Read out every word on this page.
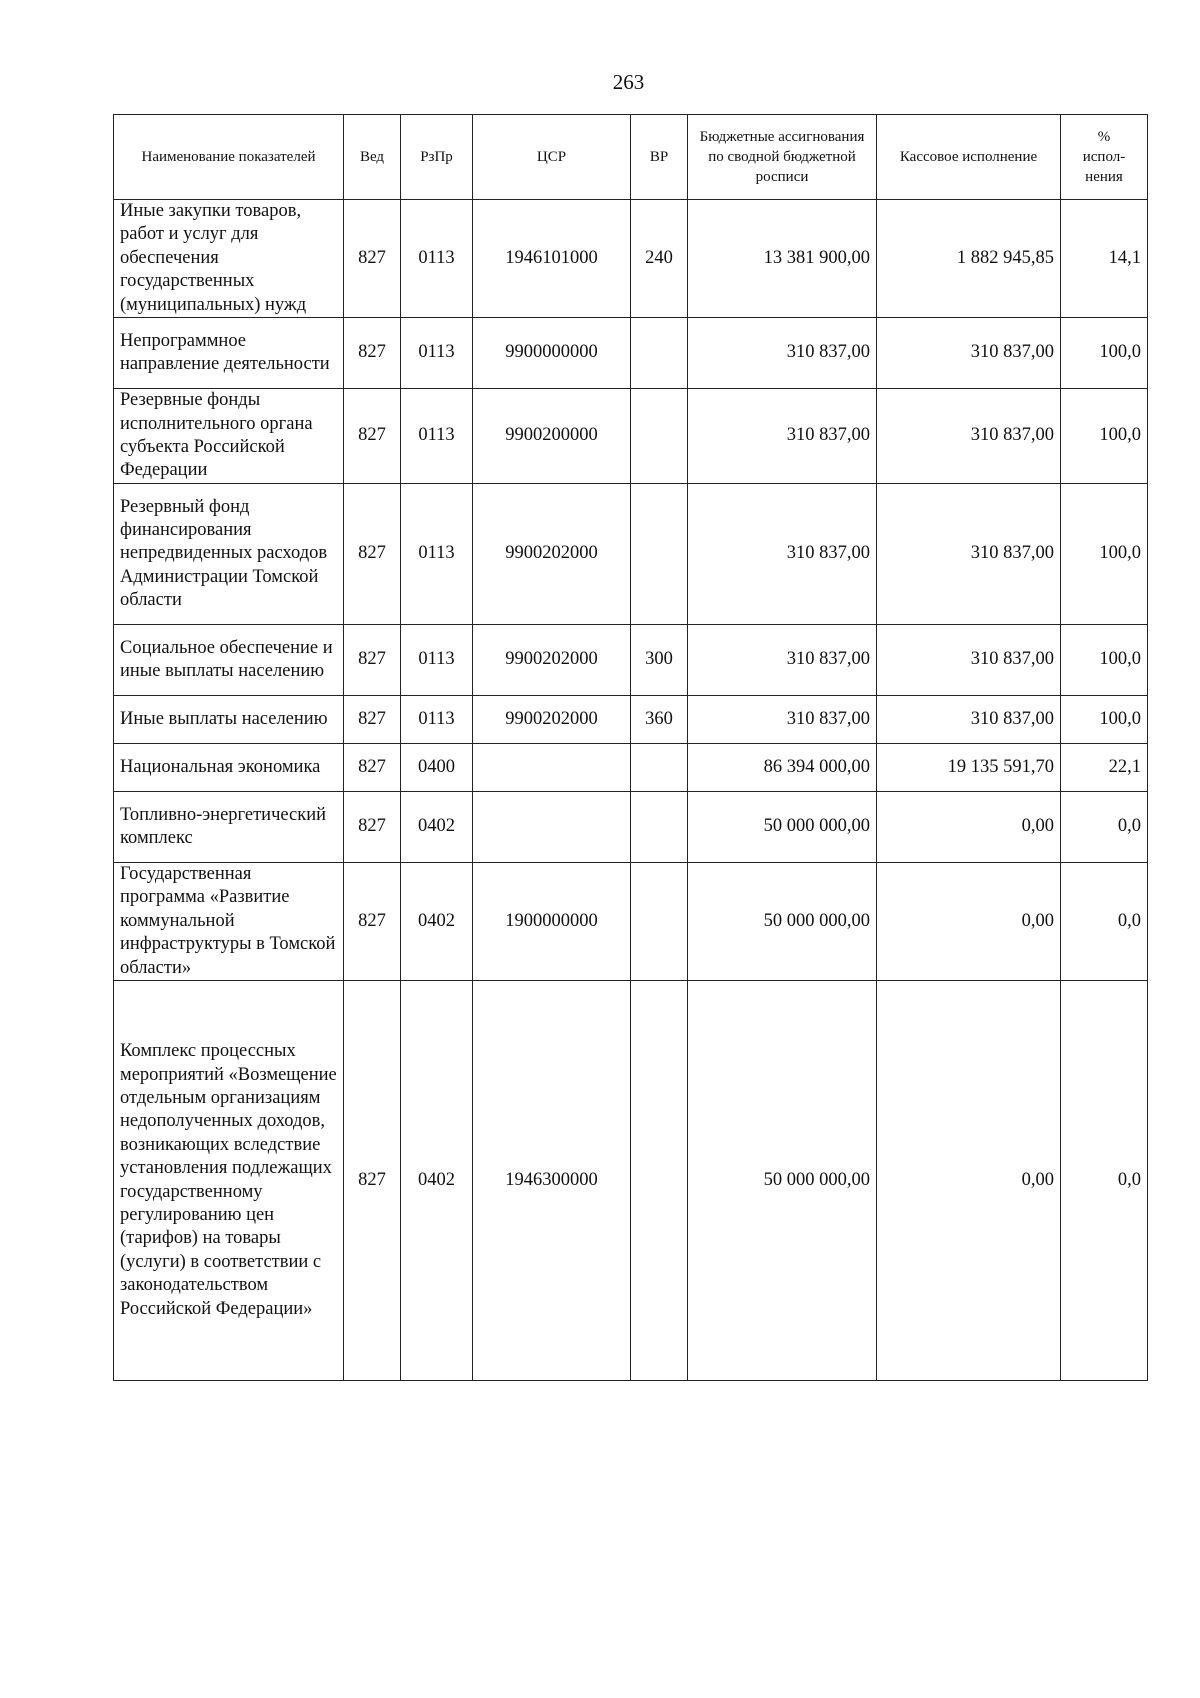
263
Наименование показателей	Вед	РзПр	ЦСР	ВР	Бюджетные ассигнования по сводной бюджетной росписи	Кассовое исполнение	%
испол-
нения

Иные закупки товаров, работ и услуг для обеспечения государственных (муниципальных) нужд	827	0113	1946101000	240	13 381 900,00	1 882 945,85	14,1
Непрограммное направление деятельности	827	0113	9900000000		310 837,00	310 837,00	100,0
Резервные фонды исполнительного органа субъекта Российской Федерации	827	0113	9900200000		310 837,00	310 837,00	100,0
Резервный фонд финансирования непредвиденных расходов Администрации Томской области	827	0113	9900202000		310 837,00	310 837,00	100,0
Социальное обеспечение и иные выплаты населению	827	0113	9900202000	300	310 837,00	310 837,00	100,0
Иные выплаты населению	827	0113	9900202000	360	310 837,00	310 837,00	100,0
Национальная экономика	827	0400			86 394 000,00	19 135 591,70	22,1
Топливно-энергетический комплекс	827	0402			50 000 000,00	0,00	0,0
Государственная программа «Развитие коммунальной инфраструктуры в Томской области»	827	0402	1900000000		50 000 000,00	0,00	0,0
Комплекс процессных мероприятий «Возмещение отдельным организациям недополученных доходов, возникающих вследствие установления подлежащих государственному регулированию цен (тарифов) на товары (услуги) в соответствии с законодательством Российской Федерации»	827	0402	1946300000		50 000 000,00	0,00	0,0
